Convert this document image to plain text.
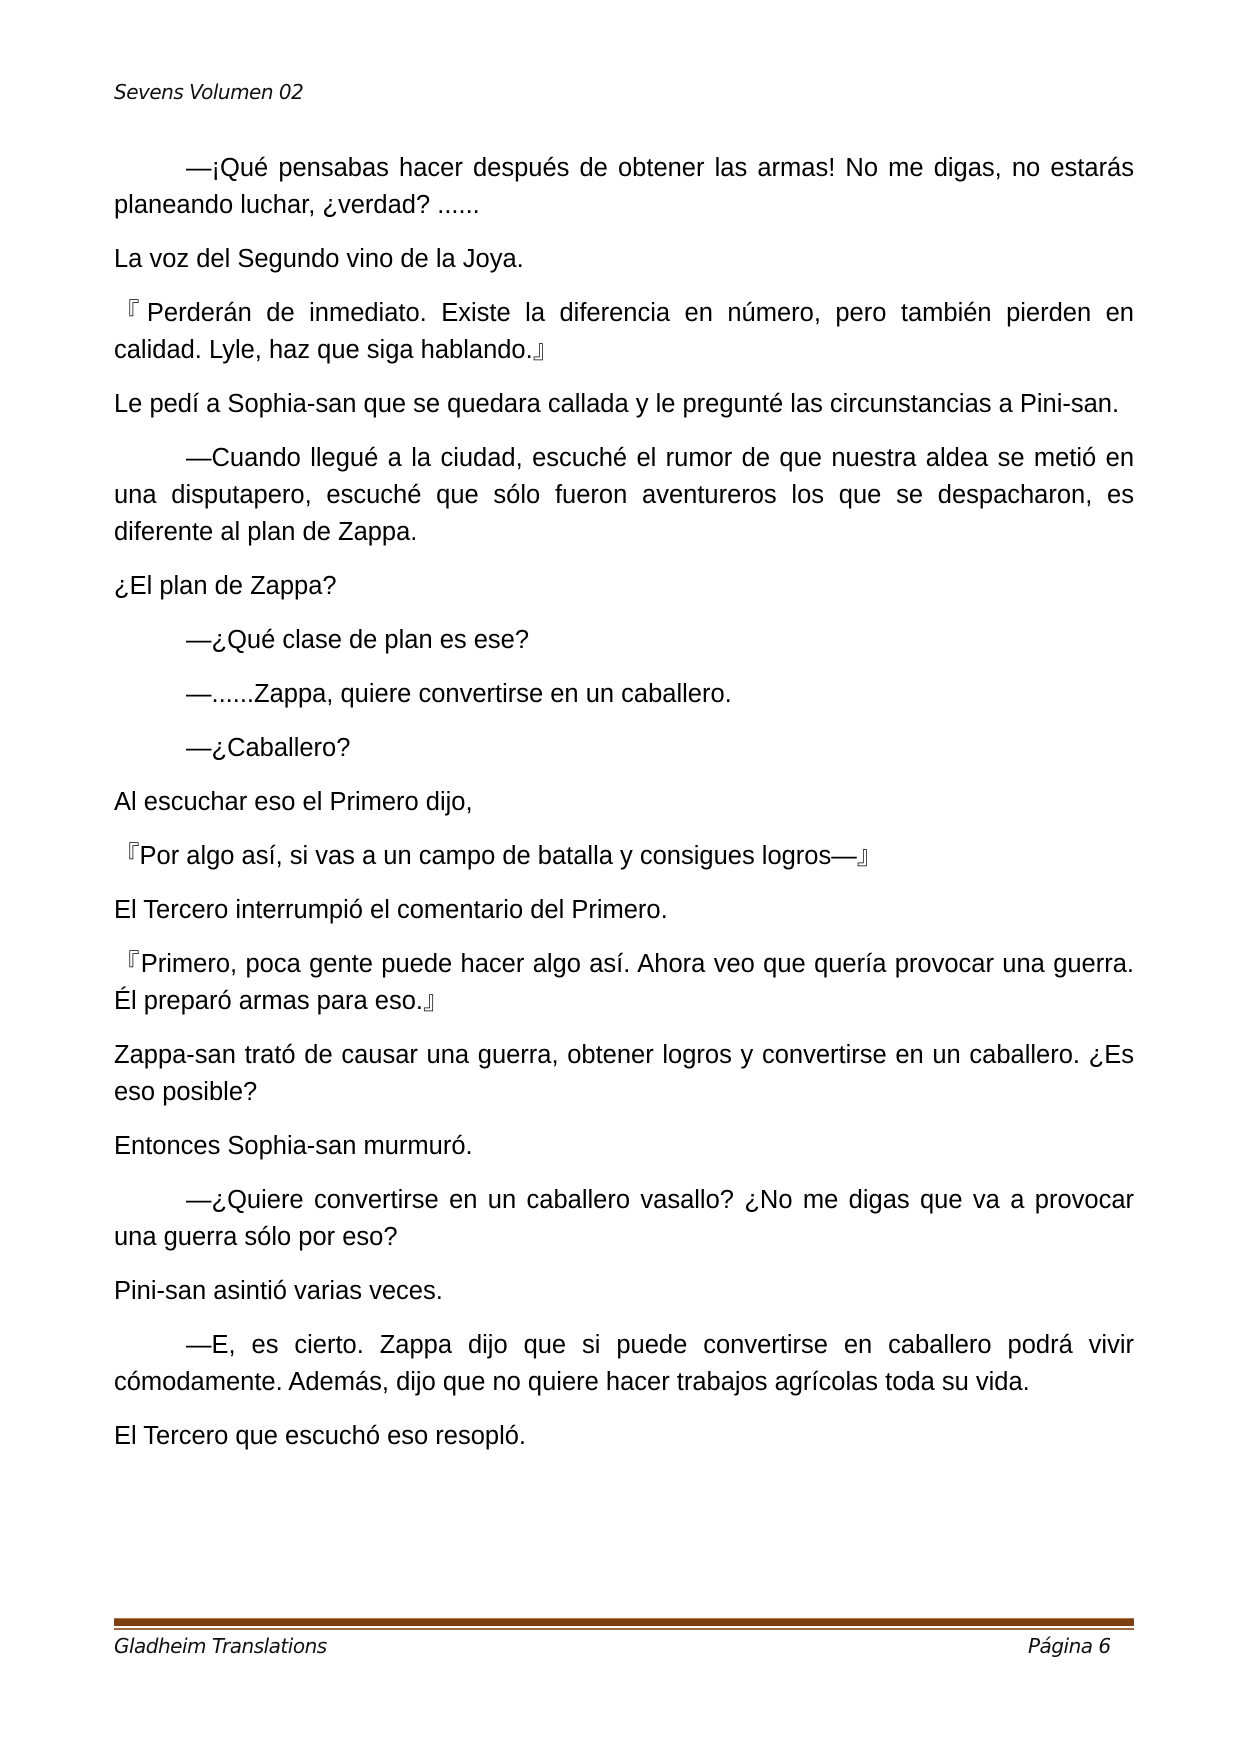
Sevens Volumen 02

—¡Qué pensabas hacer después de obtener las armas! No me digas, no estarás planeando luchar, ¿verdad? ......

La voz del Segundo vino de la Joya.

『Perderán de inmediato. Existe la diferencia en número, pero también pierden en calidad. Lyle, haz que siga hablando.』

Le pedí a Sophia-san que se quedara callada y le pregunté las circunstancias a Pini-san.

—Cuando llegué a la ciudad, escuché el rumor de que nuestra aldea se metió en una disputapero, escuché que sólo fueron aventureros los que se despacharon, es diferente al plan de Zappa.

¿El plan de Zappa?

—¿Qué clase de plan es ese?

—......Zappa, quiere convertirse en un caballero.

—¿Caballero?

Al escuchar eso el Primero dijo,

『Por algo así, si vas a un campo de batalla y consigues logros—』

El Tercero interrumpió el comentario del Primero.

『Primero, poca gente puede hacer algo así. Ahora veo que quería provocar una guerra. Él preparó armas para eso.』

Zappa-san trató de causar una guerra, obtener logros y convertirse en un caballero. ¿Es eso posible?

Entonces Sophia-san murmuró.

—¿Quiere convertirse en un caballero vasallo? ¿No me digas que va a provocar una guerra sólo por eso?

Pini-san asintió varias veces.

—E, es cierto. Zappa dijo que si puede convertirse en caballero podrá vivir cómodamente. Además, dijo que no quiere hacer trabajos agrícolas toda su vida.

El Tercero que escuchó eso resopló.

Gladheim Translations	Página 6
